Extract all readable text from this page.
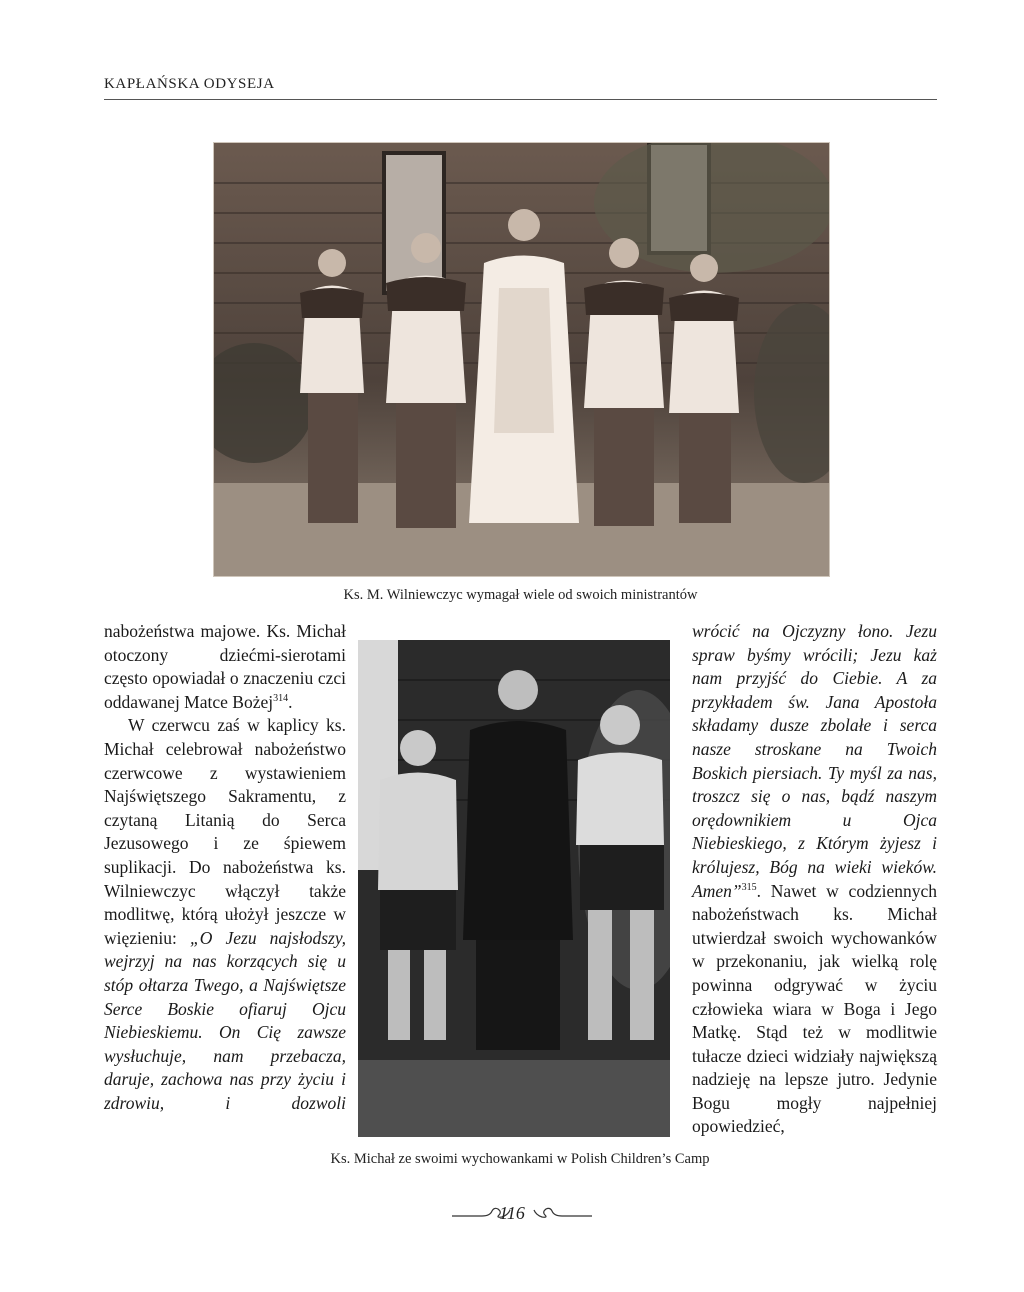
KAPŁAŃSKA ODYSEJA
Ks. M. Wilniewczyc wymagał wiele od swoich ministrantów
Ks. Michał ze swoimi wychowankami w Polish Children’s Camp

nabożeństwa majowe. Ks. Michał otoczony dziećmi-sierotami często opowiadał o znaczeniu czci oddawanej Matce Bożej$^{314}$.

W czerwcu zaś w kaplicy ks. Michał celebrował nabożeństwo czerwcowe z wystawieniem Najświętszego Sakramentu, z czytaną Litanią do Serca Jezusowego i ze śpiewem suplikacji. Do nabożeństwa ks. Wilniewczyc włączył także modlitwę, którą ułożył jeszcze w więzieniu: „O Jezu najsłodszy, wejrzyj na nas korzących się u stóp ołtarza Twego, a Najświętsze Serce Boskie ofiaruj Ojcu Niebieskiemu. On Cię zawsze wysłuchuje, nam przebacza, daruje, zachowa nas przy życiu i zdrowiu, i dozwoli

wrócić na Ojczyzny łono. Jezu spraw byśmy wrócili; Jezu każ nam przyjść do Ciebie. A za przykładem św. Jana Apostoła składamy dusze zbolałe i serca nasze stroskane na Twoich Boskich piersiach. Ty myśl za nas, troszcz się o nas, bądź naszym orędownikiem u Ojca Niebieskiego, z Którym żyjesz i królujesz, Bóg na wieki wieków. Amen”$^{315}$. Nawet w codziennych nabożeństwach ks. Michał utwierdzał swoich wychowanków w przekonaniu, jak wielką rolę powinna odgrywać w życiu człowieka wiara w Boga i Jego Matkę. Stąd też w modlitwie tułacze dzieci widziały największą nadzieję na lepsze jutro. Jedynie Bogu mogły najpełniej opowiedzieć,

116
